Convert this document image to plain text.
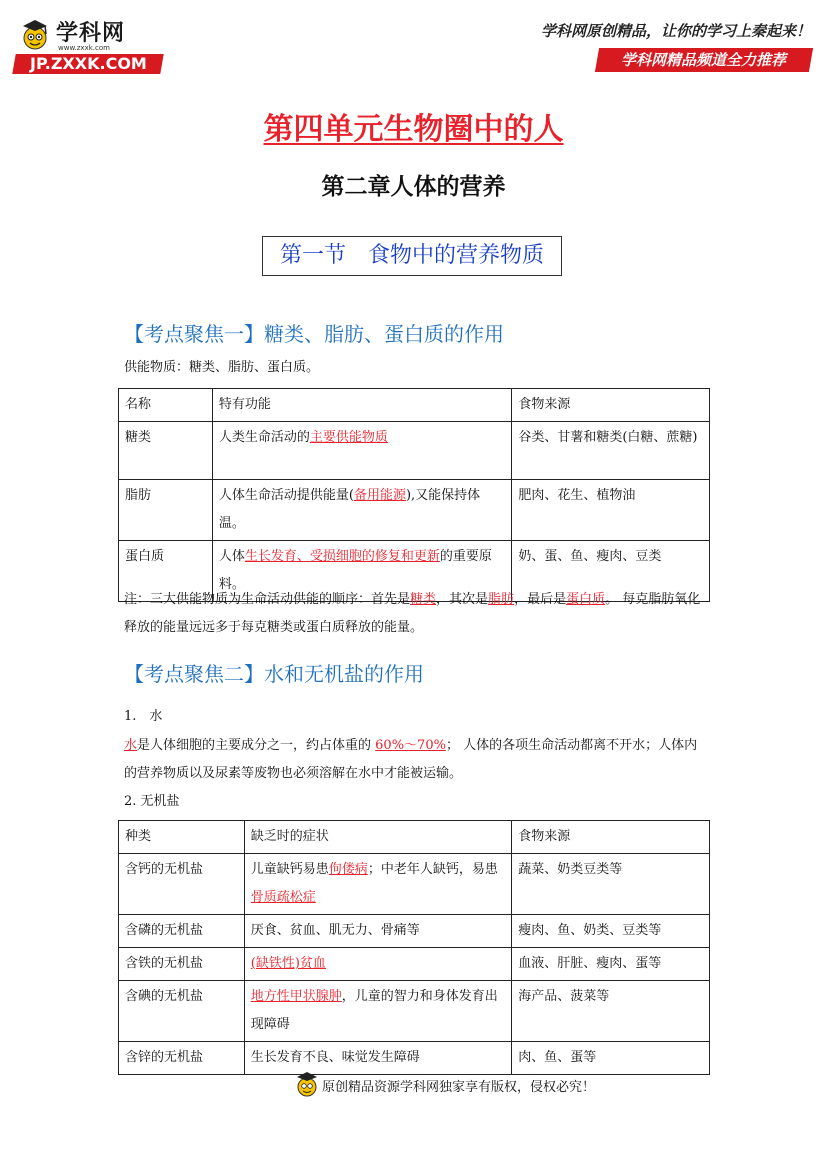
学科网
www.zxxk.com
JP.ZXXK.COM
学科网原创精品，让你的学习上秦起来！
学科网精品频道全力推荐
第四单元生物圈中的人
第二章人体的营养
第一节　食物中的营养物质
【考点聚焦一】糖类、脂肪、蛋白质的作用
供能物质：糖类、脂肪、蛋白质。
名称	特有功能	食物来源
糖类	人类生命活动的主要供能物质	谷类、甘薯和糖类(白糖、蔗糖)
脂肪	人体生命活动提供能量(备用能源),又能保持体温。	肥肉、花生、植物油
蛋白质	人体生长发育、受损细胞的修复和更新的重要原料。	奶、蛋、鱼、瘦肉、豆类
注：三大供能物质为生命活动供能的顺序：首先是糖类，其次是脂肪，最后是蛋白质。 每克脂肪氧化释放的能量远远多于每克糖类或蛋白质释放的能量。
【考点聚焦二】水和无机盐的作用
1.　水
水是人体细胞的主要成分之一，约占体重的 60%～70%； 人体的各项生命活动都离不开水；人体内的营养物质以及尿素等废物也必须溶解在水中才能被运输。
2. 无机盐
种类	缺乏时的症状	食物来源
含钙的无机盐	儿童缺钙易患佝偻病；中老年人缺钙，易患骨质疏松症	蔬菜、奶类豆类等
含磷的无机盐	厌食、贫血、肌无力、骨痛等	瘦肉、鱼、奶类、豆类等
含铁的无机盐	(缺铁性)贫血	血液、肝脏、瘦肉、蛋等
含碘的无机盐	地方性甲状腺肿，儿童的智力和身体发育出现障碍	海产品、菠菜等
含锌的无机盐	生长发育不良、味觉发生障碍	肉、鱼、蛋等
原创精品资源学科网独家享有版权，侵权必究！
